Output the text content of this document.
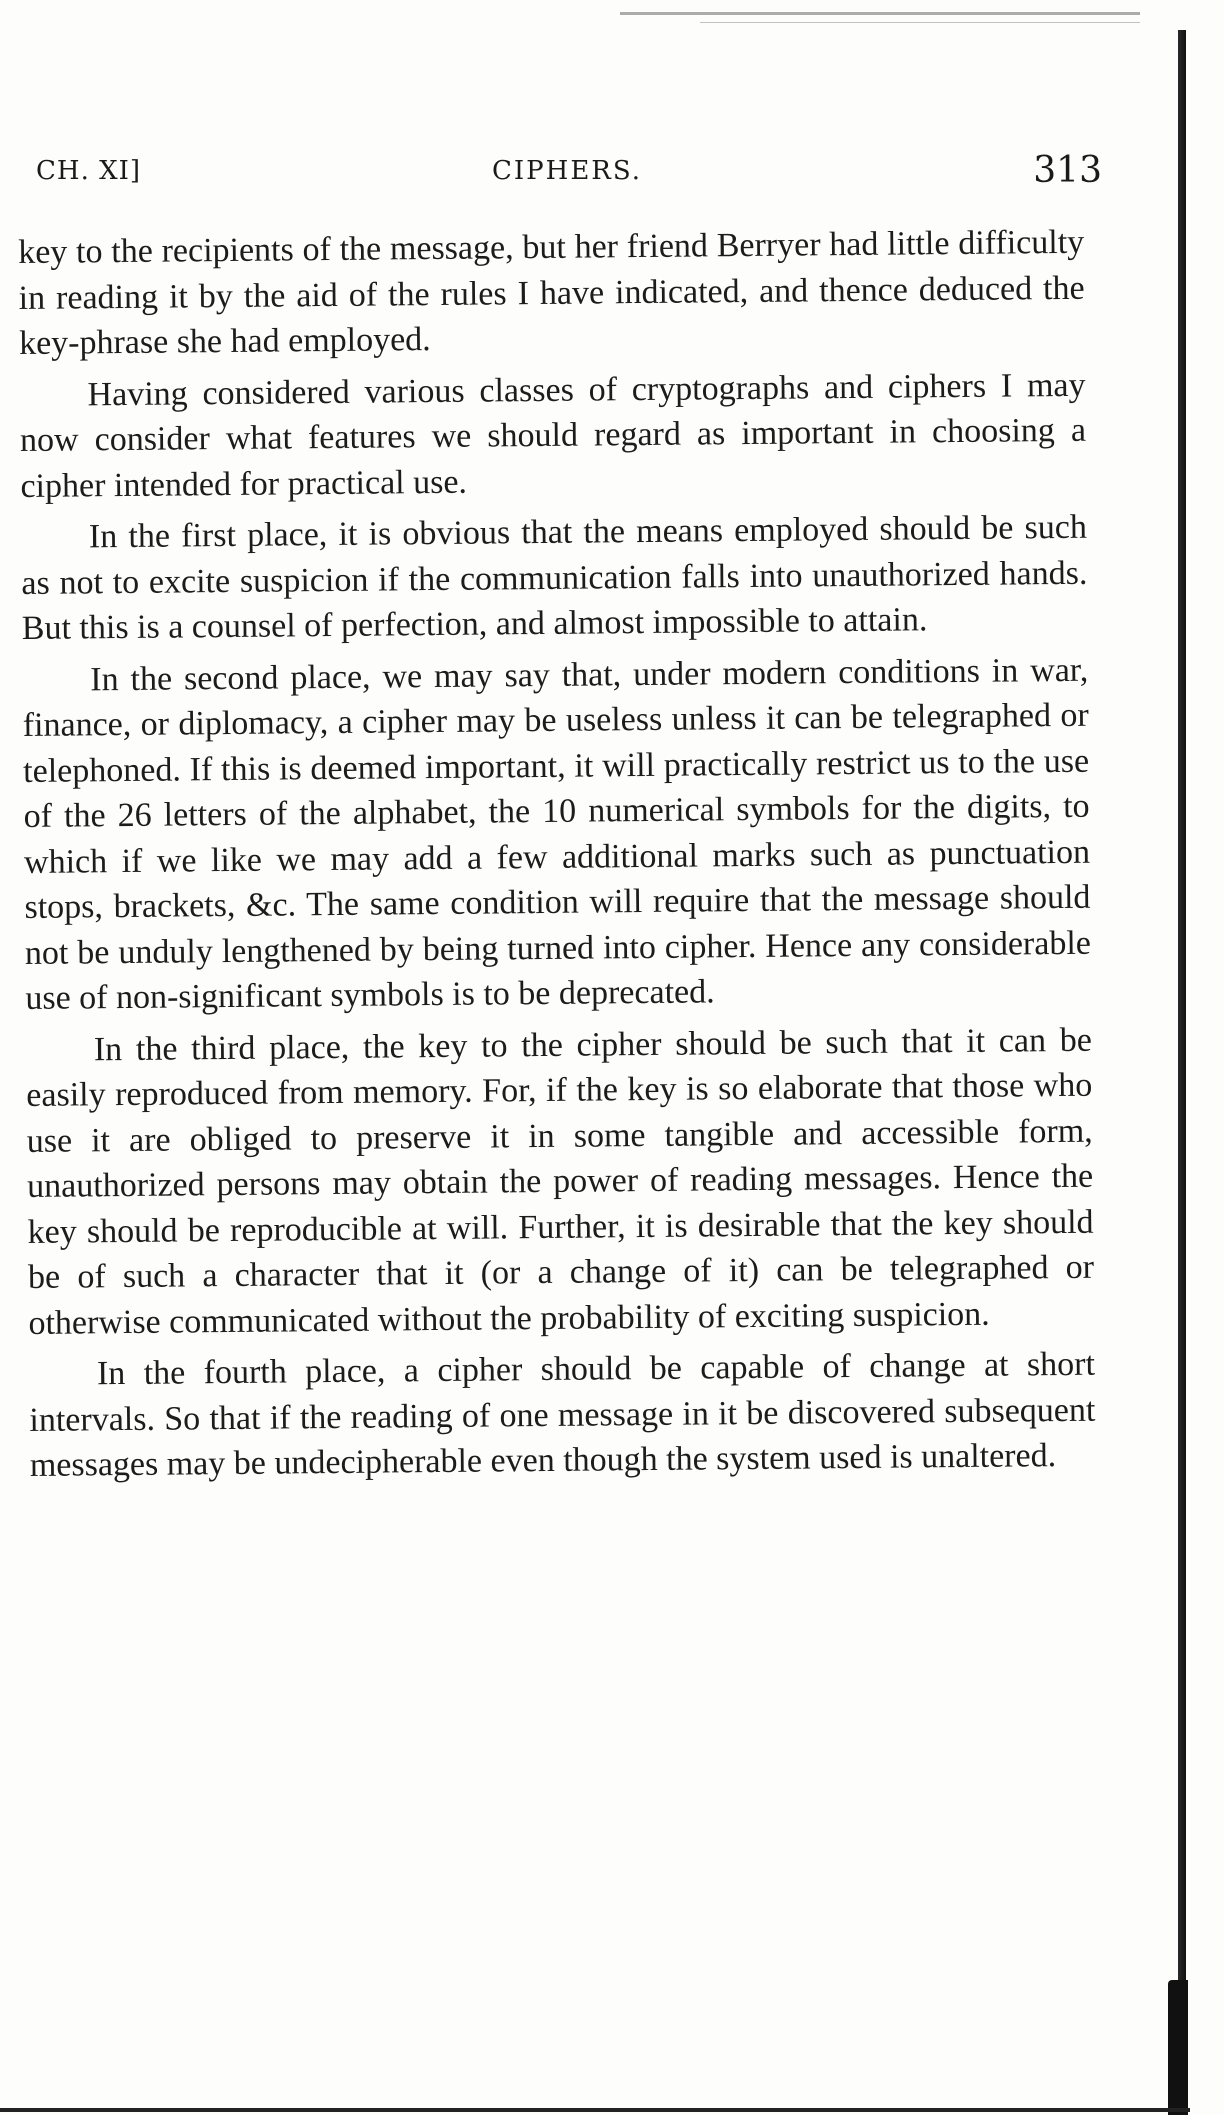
CH. XI]	CIPHERS.	313

key to the recipients of the message, but her friend Berryer had little difficulty in reading it by the aid of the rules I have indicated, and thence deduced the key-phrase she had employed.

Having considered various classes of cryptographs and ciphers I may now consider what features we should regard as important in choosing a cipher intended for practical use.

In the first place, it is obvious that the means employed should be such as not to excite suspicion if the communication falls into unauthorized hands. But this is a counsel of perfection, and almost impossible to attain.

In the second place, we may say that, under modern conditions in war, finance, or diplomacy, a cipher may be useless unless it can be telegraphed or telephoned. If this is deemed important, it will practically restrict us to the use of the 26 letters of the alphabet, the 10 numerical symbols for the digits, to which if we like we may add a few additional marks such as punctuation stops, brackets, &c. The same condition will require that the message should not be unduly lengthened by being turned into cipher. Hence any considerable use of non-significant symbols is to be deprecated.

In the third place, the key to the cipher should be such that it can be easily reproduced from memory. For, if the key is so elaborate that those who use it are obliged to preserve it in some tangible and accessible form, unauthorized persons may obtain the power of reading messages. Hence the key should be reproducible at will. Further, it is desirable that the key should be of such a character that it (or a change of it) can be telegraphed or otherwise communicated without the probability of exciting suspicion.

In the fourth place, a cipher should be capable of change at short intervals. So that if the reading of one message in it be discovered subsequent messages may be undecipherable even though the system used is unaltered.
